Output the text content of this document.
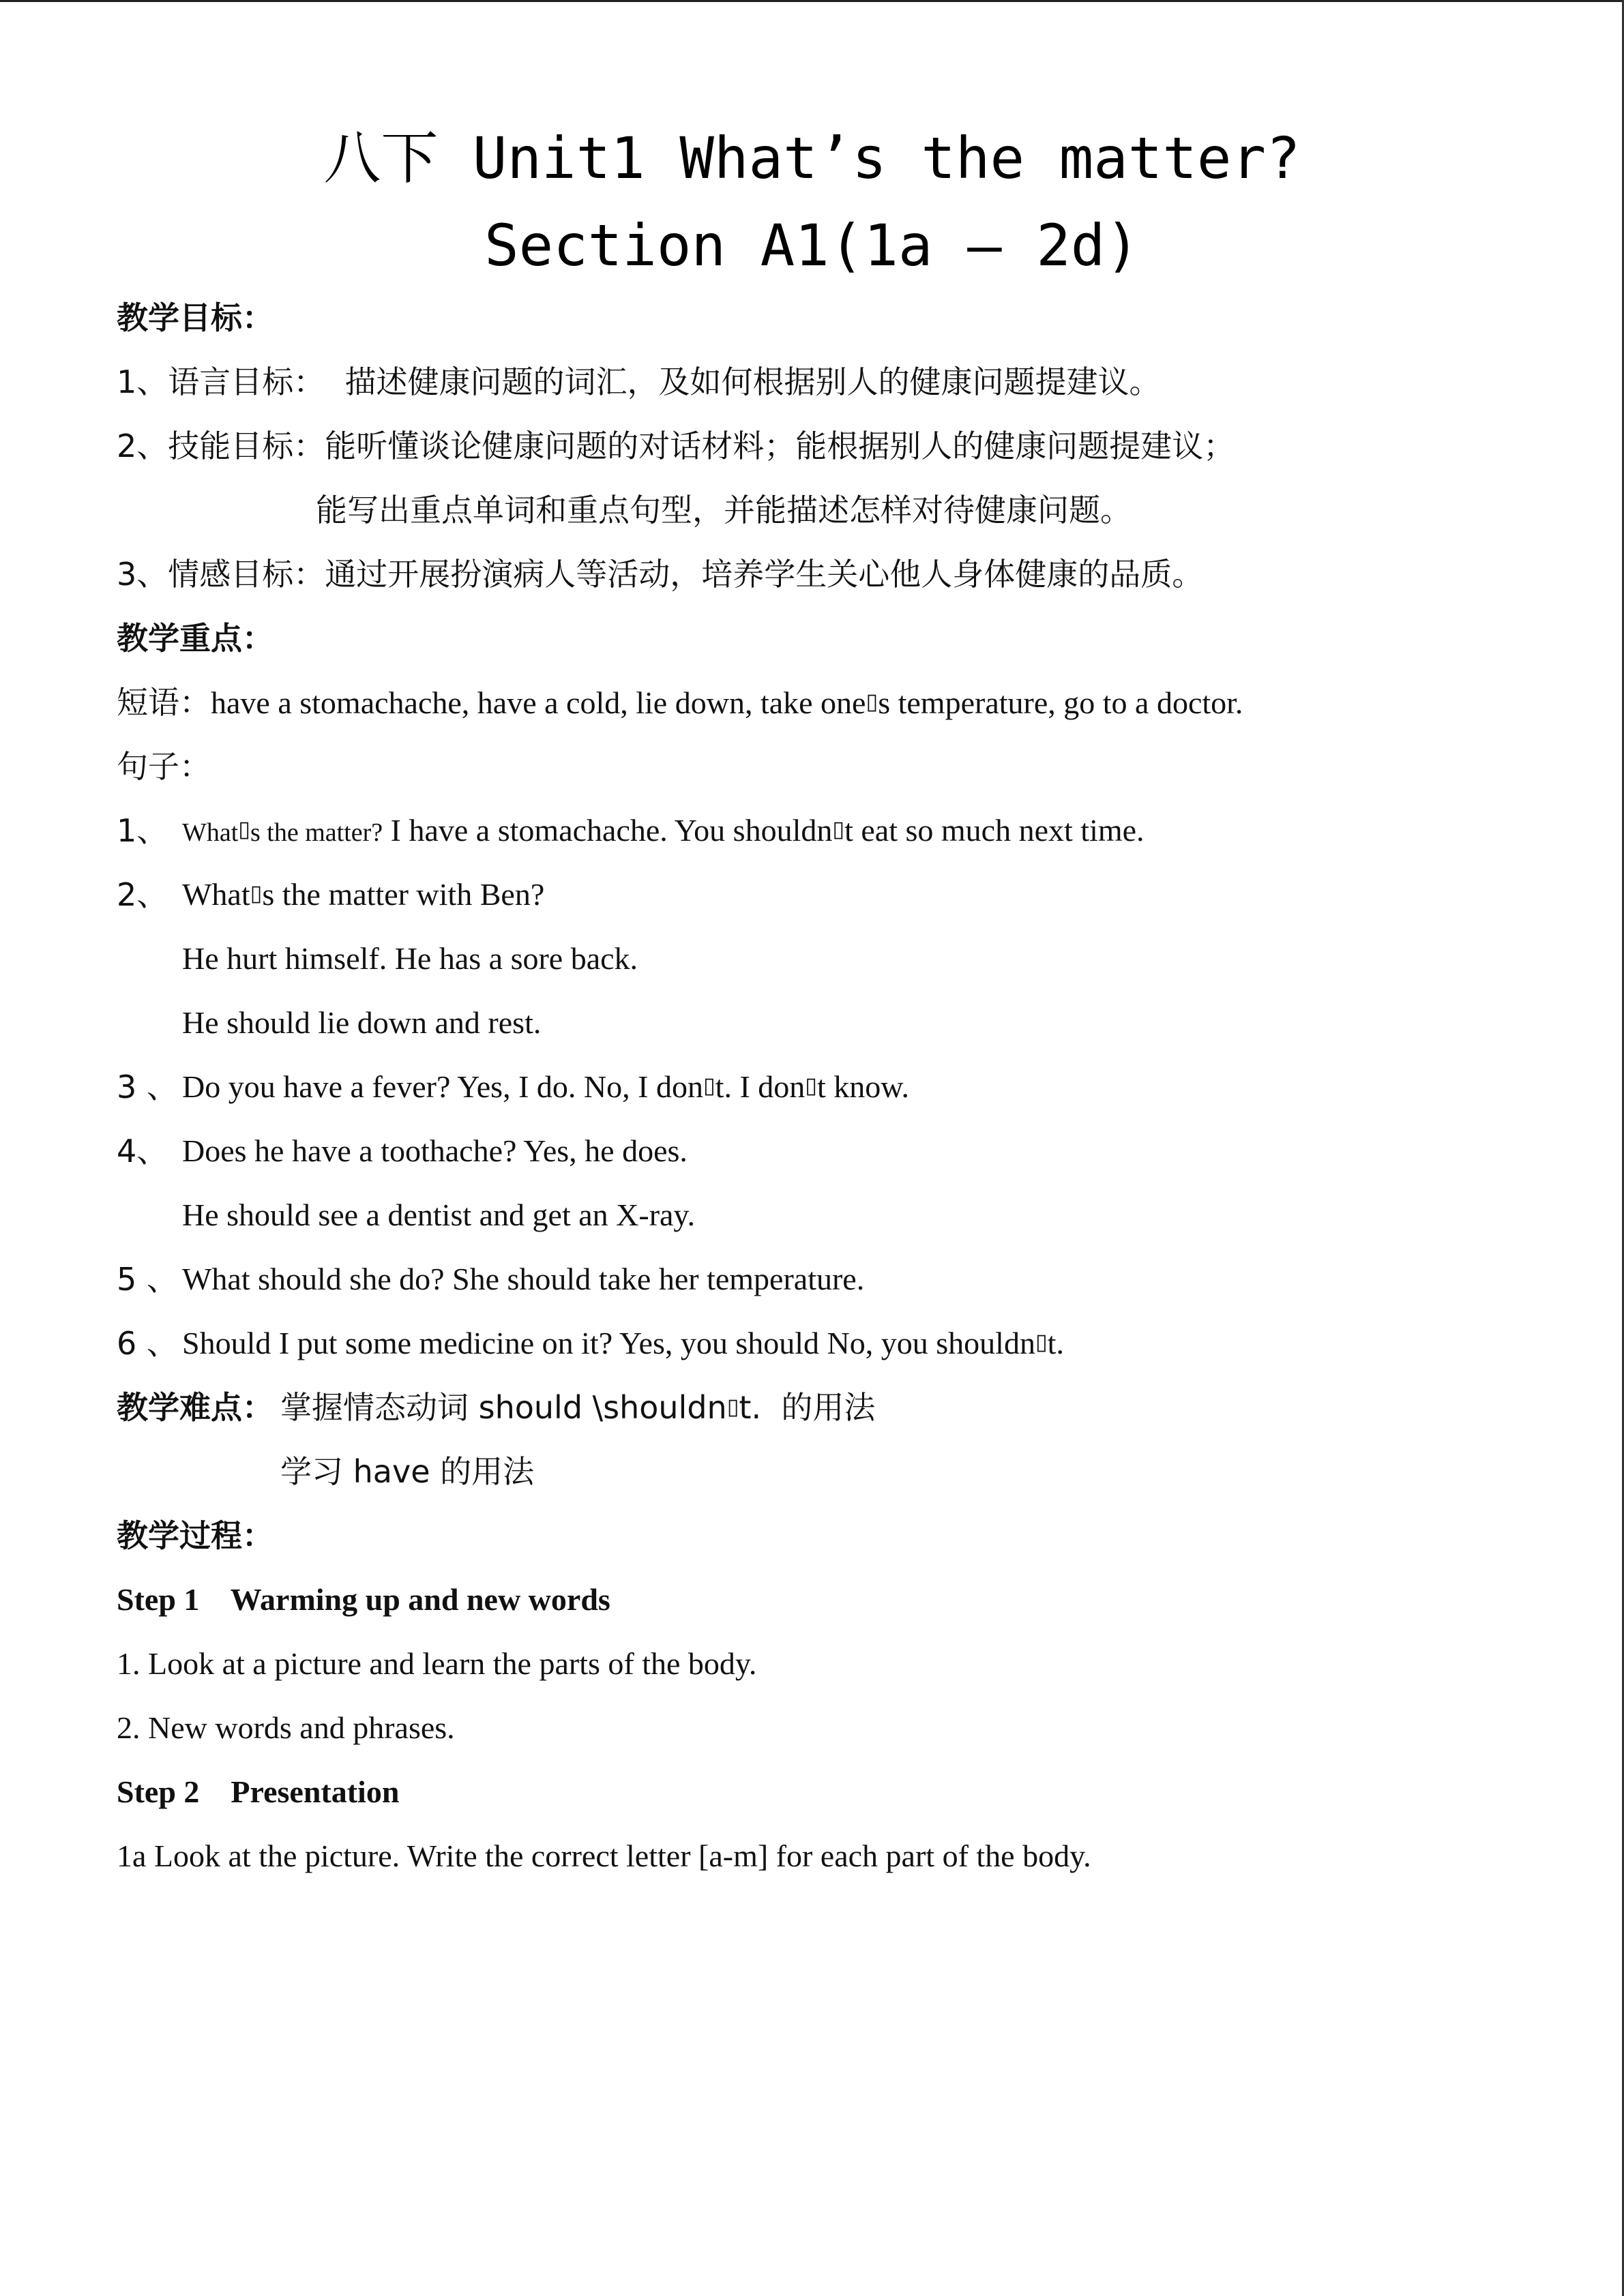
八下 Unit1 What’s the matter?
Section A1(1a – 2d)
教学目标：
1、语言目标：  描述健康问题的词汇，及如何根据别人的健康问题提建议。
2、技能目标：能听懂谈论健康问题的对话材料；能根据别人的健康问题提建议；
能写出重点单词和重点句型，并能描述怎样对待健康问题。
3、情感目标：通过开展扮演病人等活动，培养学生关心他人身体健康的品质。
教学重点：
短语：have a stomachache, have a cold, lie down, take one▯s temperature, go to a doctor.
句子：
1、 What▯s the matter? I have a stomachache. You shouldn▯t eat so much next time.
2、 What▯s the matter with Ben?
He hurt himself. He has a sore back.
He should lie down and rest.
3 、 Do you have a fever? Yes, I do. No, I don▯t. I don▯t know.
4、 Does he have a toothache? Yes, he does.
He should see a dentist and get an X-ray.
5 、 What should she do? She should take her temperature.
6 、 Should I put some medicine on it? Yes, you should No, you shouldn▯t.
教学难点： 掌握情态动词 should \shouldn▯t.  的用法
学习 have 的用法
教学过程：
Step 1    Warming up and new words
1. Look at a picture and learn the parts of the body.
2. New words and phrases.
Step 2    Presentation
1a Look at the picture. Write the correct letter [a-m] for each part of the body.
